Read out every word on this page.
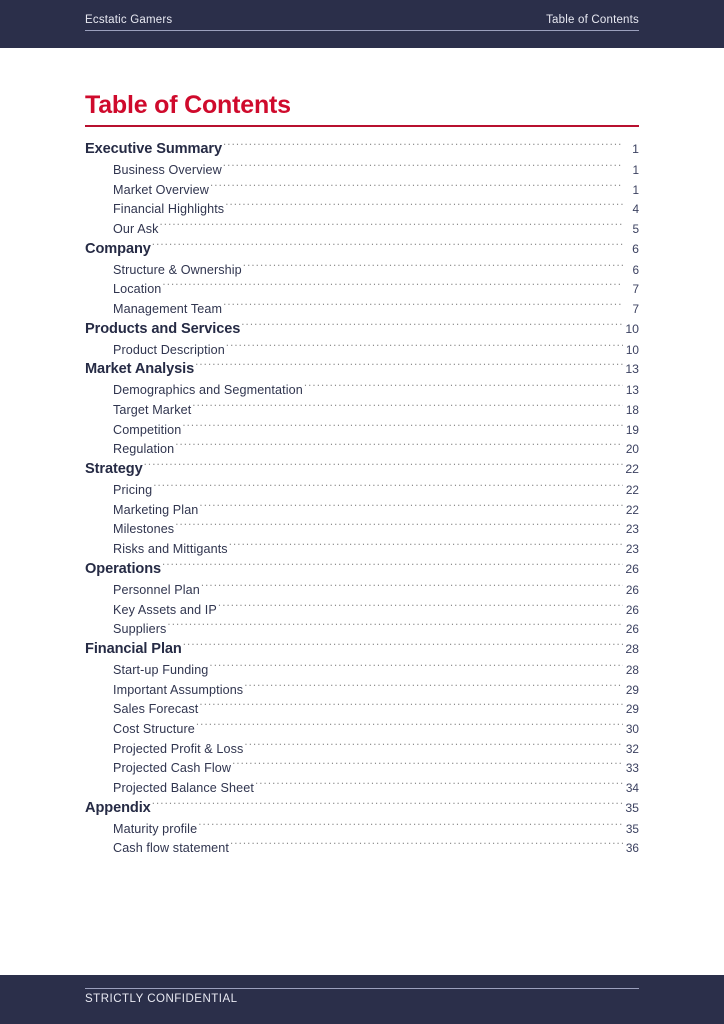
Ecstatic Gamers	Table of Contents
Table of Contents
Executive Summary .....	1
Business Overview .....	1
Market Overview .....	1
Financial Highlights .....	4
Our Ask .....	5
Company .....	6
Structure & Ownership .....	6
Location .....	7
Management Team .....	7
Products and Services .....	10
Product Description .....	10
Market Analysis .....	13
Demographics and Segmentation .....	13
Target Market .....	18
Competition .....	19
Regulation .....	20
Strategy .....	22
Pricing .....	22
Marketing Plan .....	22
Milestones .....	23
Risks and Mittigants .....	23
Operations .....	26
Personnel Plan .....	26
Key Assets and IP .....	26
Suppliers .....	26
Financial Plan .....	28
Start-up Funding .....	28
Important Assumptions .....	29
Sales Forecast .....	29
Cost Structure .....	30
Projected Profit & Loss .....	32
Projected Cash Flow .....	33
Projected Balance Sheet .....	34
Appendix .....	35
Maturity profile .....	35
Cash flow statement .....	36
STRICTLY CONFIDENTIAL
